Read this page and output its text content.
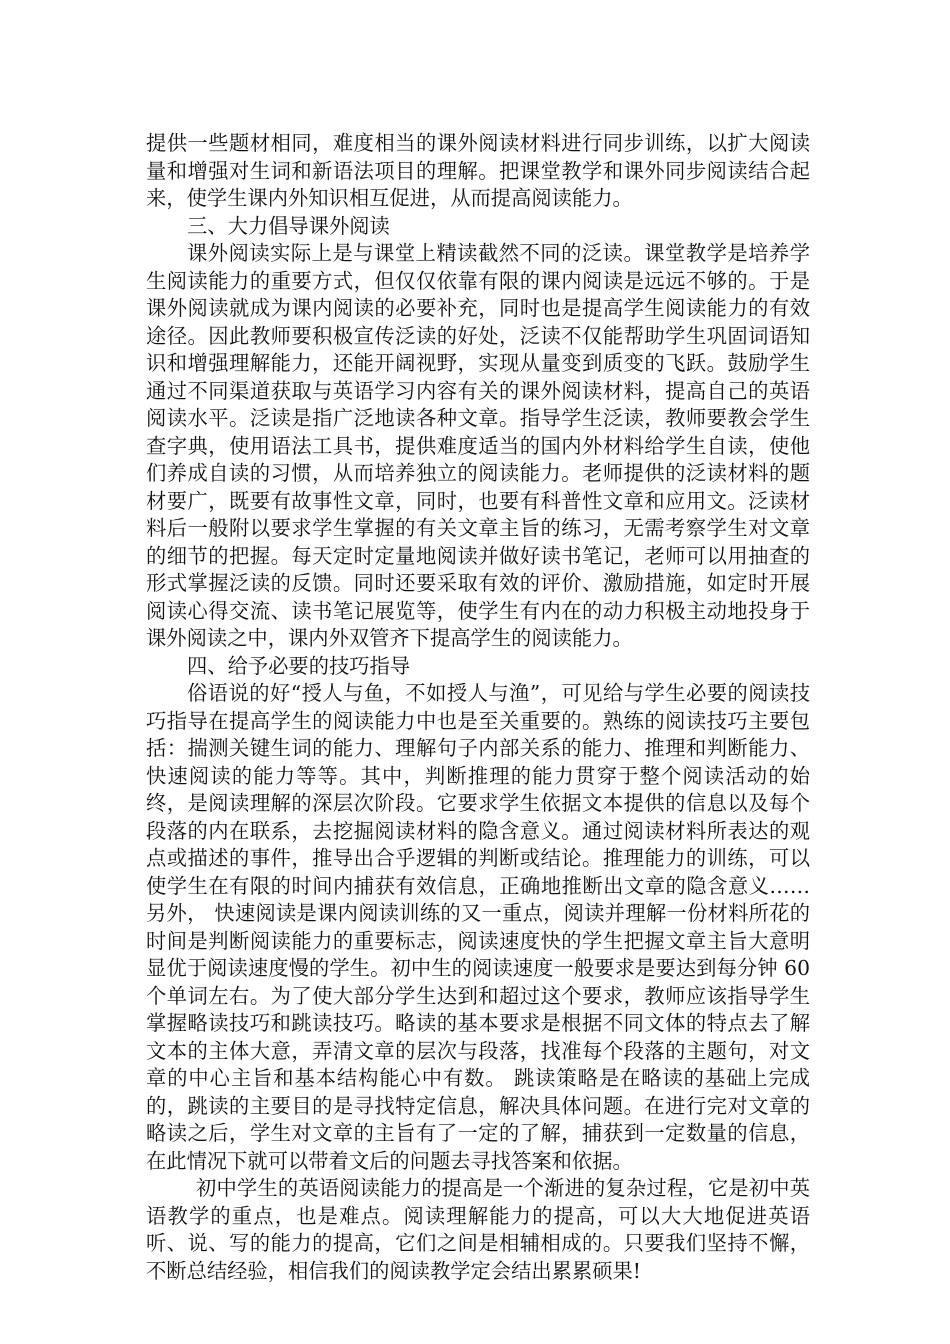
提供一些题材相同，难度相当的课外阅读材料进行同步训练，以扩大阅读量和增强对生词和新语法项目的理解。把课堂教学和课外同步阅读结合起来，使学生课内外知识相互促进，从而提高阅读能力。

三、大力倡导课外阅读

课外阅读实际上是与课堂上精读截然不同的泛读。课堂教学是培养学生阅读能力的重要方式，但仅仅依靠有限的课内阅读是远远不够的。于是课外阅读就成为课内阅读的必要补充，同时也是提高学生阅读能力的有效途径。因此教师要积极宣传泛读的好处，泛读不仅能帮助学生巩固词语知识和增强理解能力，还能开阔视野，实现从量变到质变的飞跃。鼓励学生通过不同渠道获取与英语学习内容有关的课外阅读材料，提高自己的英语阅读水平。泛读是指广泛地读各种文章。指导学生泛读，教师要教会学生查字典，使用语法工具书，提供难度适当的国内外材料给学生自读，使他们养成自读的习惯，从而培养独立的阅读能力。老师提供的泛读材料的题材要广，既要有故事性文章，同时，也要有科普性文章和应用文。泛读材料后一般附以要求学生掌握的有关文章主旨的练习，无需考察学生对文章的细节的把握。每天定时定量地阅读并做好读书笔记，老师可以用抽查的形式掌握泛读的反馈。同时还要采取有效的评价、激励措施，如定时开展阅读心得交流、读书笔记展览等，使学生有内在的动力积极主动地投身于课外阅读之中，课内外双管齐下提高学生的阅读能力。

四、给予必要的技巧指导

俗语说的好“授人与鱼，不如授人与渔”，可见给与学生必要的阅读技巧指导在提高学生的阅读能力中也是至关重要的。熟练的阅读技巧主要包括：揣测关键生词的能力、理解句子内部关系的能力、推理和判断能力、快速阅读的能力等等。其中，判断推理的能力贯穿于整个阅读活动的始终，是阅读理解的深层次阶段。它要求学生依据文本提供的信息以及每个段落的内在联系，去挖掘阅读材料的隐含意义。通过阅读材料所表达的观点或描述的事件，推导出合乎逻辑的判断或结论。推理能力的训练，可以使学生在有限的时间内捕获有效信息，正确地推断出文章的隐含意义……另外， 快速阅读是课内阅读训练的又一重点，阅读并理解一份材料所花的时间是判断阅读能力的重要标志，阅读速度快的学生把握文章主旨大意明显优于阅读速度慢的学生。初中生的阅读速度一般要求是要达到每分钟 60 个单词左右。为了使大部分学生达到和超过这个要求，教师应该指导学生掌握略读技巧和跳读技巧。略读的基本要求是根据不同文体的特点去了解文本的主体大意，弄清文章的层次与段落，找准每个段落的主题句，对文章的中心主旨和基本结构能心中有数。 跳读策略是在略读的基础上完成的，跳读的主要目的是寻找特定信息，解决具体问题。在进行完对文章的略读之后，学生对文章的主旨有了一定的了解，捕获到一定数量的信息，在此情况下就可以带着文后的问题去寻找答案和依据。

初中学生的英语阅读能力的提高是一个渐进的复杂过程，它是初中英语教学的重点，也是难点。阅读理解能力的提高，可以大大地促进英语听、说、写的能力的提高，它们之间是相辅相成的。只要我们坚持不懈，不断总结经验，相信我们的阅读教学定会结出累累硕果!
